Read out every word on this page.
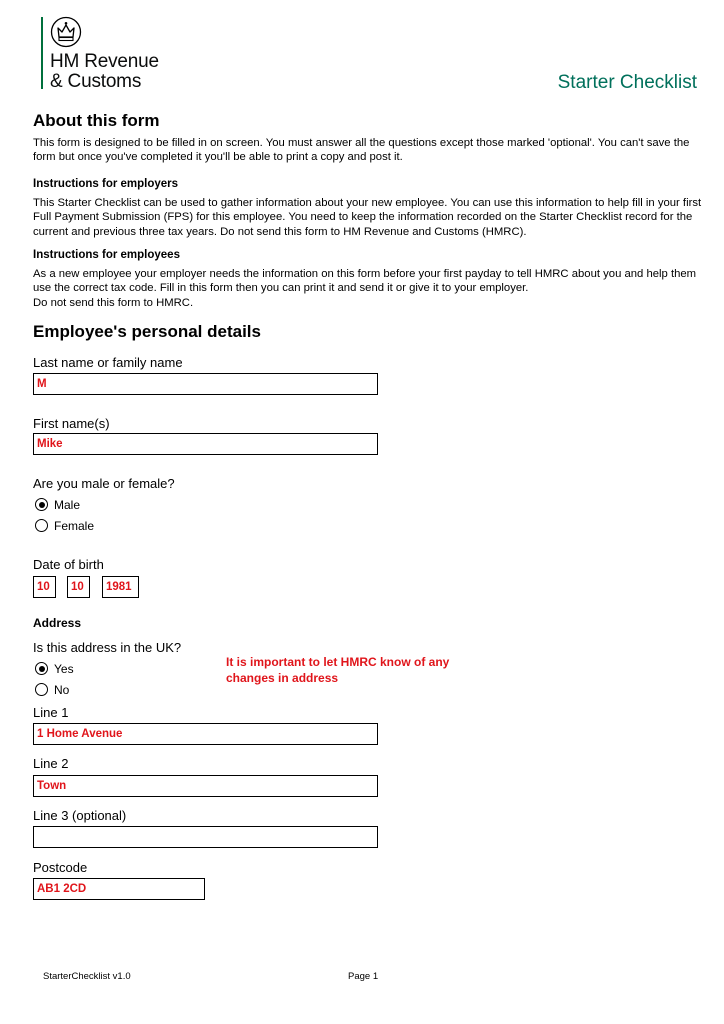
HM Revenue
& Customs	Starter Checklist
About this form

This form is designed to be filled in on screen. You must answer all the questions except those marked 'optional'. You can't save the form but once you've completed it you'll be able to print a copy and post it.

Instructions for employers

This Starter Checklist can be used to gather information about your new employee. You can use this information to help fill in your first Full Payment Submission (FPS) for this employee. You need to keep the information recorded on the Starter Checklist record for the current and previous three tax years. Do not send this form to HM Revenue and Customs (HMRC).

Instructions for employees

As a new employee your employer needs the information on this form before your first payday to tell HMRC about you and help them use the correct tax code. Fill in this form then you can print it and send it or give it to your employer.

Do not send this form to HMRC.

Employee's personal details
Last name or family name
M
First name(s)
Mike
Are you male or female?
Male
Female
Date of birth
10	10	1981
Address
Is this address in the UK?
Yes
No

It is important to let HMRC know of any

changes in address

Line 1
1 Home Avenue
Line 2
Town
Line 3 (optional)
Postcode
AB1 2CD
StarterChecklist v1.0	Page 1
